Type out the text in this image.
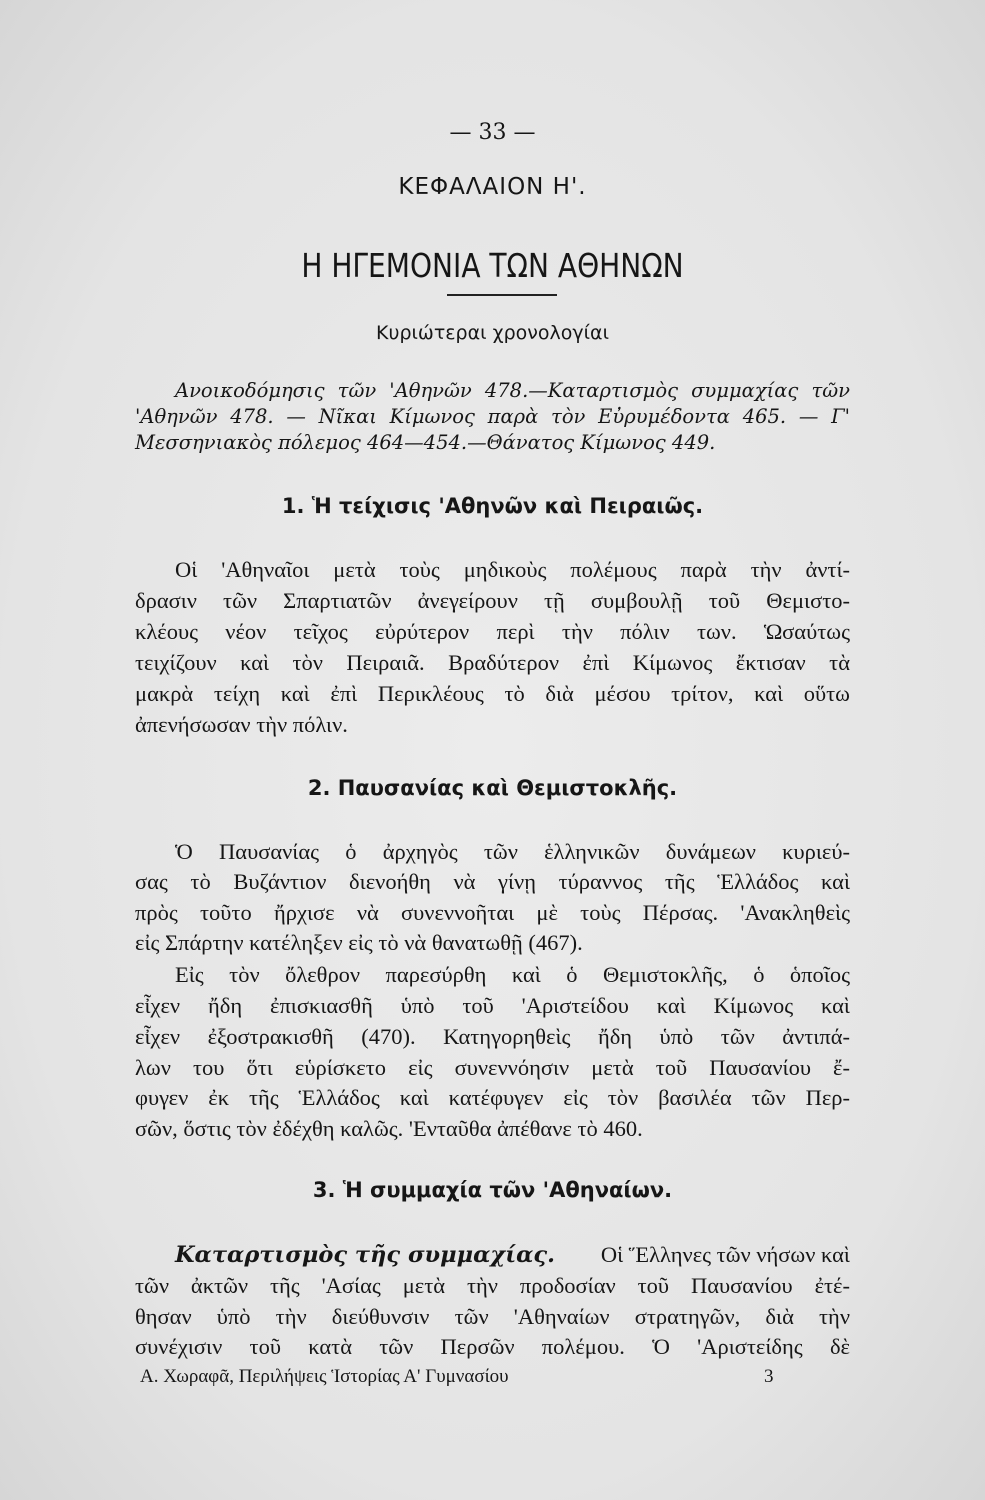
— 33 —
ΚΕΦΑΛΑΙΟΝ Η'.
Η ΗΓΕΜΟΝΙΑ ΤΩΝ ΑΘΗΝΩΝ
Κυριώτεραι χρονολογίαι
Ανοικοδόμησις τῶν 'Αθηνῶν 478.—Καταρτισμὸς συμμαχίας τῶν
'Αθηνῶν 478. — Νῖκαι Κίμωνος παρὰ τὸν Εὐρυμέδοντα 465. — Γ'
Μεσσηνιακὸς πόλεμος 464—454.—Θάνατος Κίμωνος 449.
1. Ἡ τείχισις 'Αθηνῶν καὶ Πειραιῶς.
Οἱ 'Αθηναῖοι μετὰ τοὺς μηδικοὺς πολέμους παρὰ τὴν ἀντί-
δρασιν τῶν Σπαρτιατῶν ἀνεγείρουν τῇ συμβουλῇ τοῦ Θεμιστο-
κλέους νέον τεῖχος εὐρύτερον περὶ τὴν πόλιν των. Ὡσαύτως
τειχίζουν καὶ τὸν Πειραιᾶ. Βραδύτερον ἐπὶ Κίμωνος ἔκτισαν τὰ
μακρὰ τείχη καὶ ἐπὶ Περικλέους τὸ διὰ μέσου τρίτον, καὶ οὕτω
ἀπενήσωσαν τὴν πόλιν.
2. Παυσανίας καὶ Θεμιστοκλῆς.
Ὁ Παυσανίας ὁ ἀρχηγὸς τῶν ἑλληνικῶν δυνάμεων κυριεύ-
σας τὸ Βυζάντιον διενοήθη νὰ γίνῃ τύραννος τῆς Ἑλλάδος καὶ
πρὸς τοῦτο ἤρχισε νὰ συνεννοῆται μὲ τοὺς Πέρσας. 'Ανακληθεὶς
εἰς Σπάρτην κατέληξεν εἰς τὸ νὰ θανατωθῇ (467).
Εἰς τὸν ὄλεθρον παρεσύρθη καὶ ὁ Θεμιστοκλῆς, ὁ ὁποῖος
εἶχεν ἤδη ἐπισκιασθῆ ὑπὸ τοῦ 'Αριστείδου καὶ Κίμωνος καὶ
εἶχεν ἐξοστρακισθῆ (470). Κατηγορηθεὶς ἤδη ὑπὸ τῶν ἀντιπά-
λων του ὅτι εὑρίσκετο εἰς συνεννόησιν μετὰ τοῦ Παυσανίου ἔ-
φυγεν ἐκ τῆς Ἑλλάδος καὶ κατέφυγεν εἰς τὸν βασιλέα τῶν Περ-
σῶν, ὅστις τὸν ἐδέχθη καλῶς. 'Ενταῦθα ἀπέθανε τὸ 460.
3. Ἡ συμμαχία τῶν 'Αθηναίων.
Καταρτισμὸς τῆς συμμαχίας. Οἱ Ἕλληνες τῶν νήσων καὶ
τῶν ἀκτῶν τῆς 'Ασίας μετὰ τὴν προδοσίαν τοῦ Παυσανίου ἐτέ-
θησαν ὑπὸ τὴν διεύθυνσιν τῶν 'Αθηναίων στρατηγῶν, διὰ τὴν
συνέχισιν τοῦ κατὰ τῶν Περσῶν πολέμου. Ὁ 'Αριστείδης δὲ
Α. Χωραφᾶ, Περιλήψεις Ἱστορίας Α' Γυμνασίου	3
